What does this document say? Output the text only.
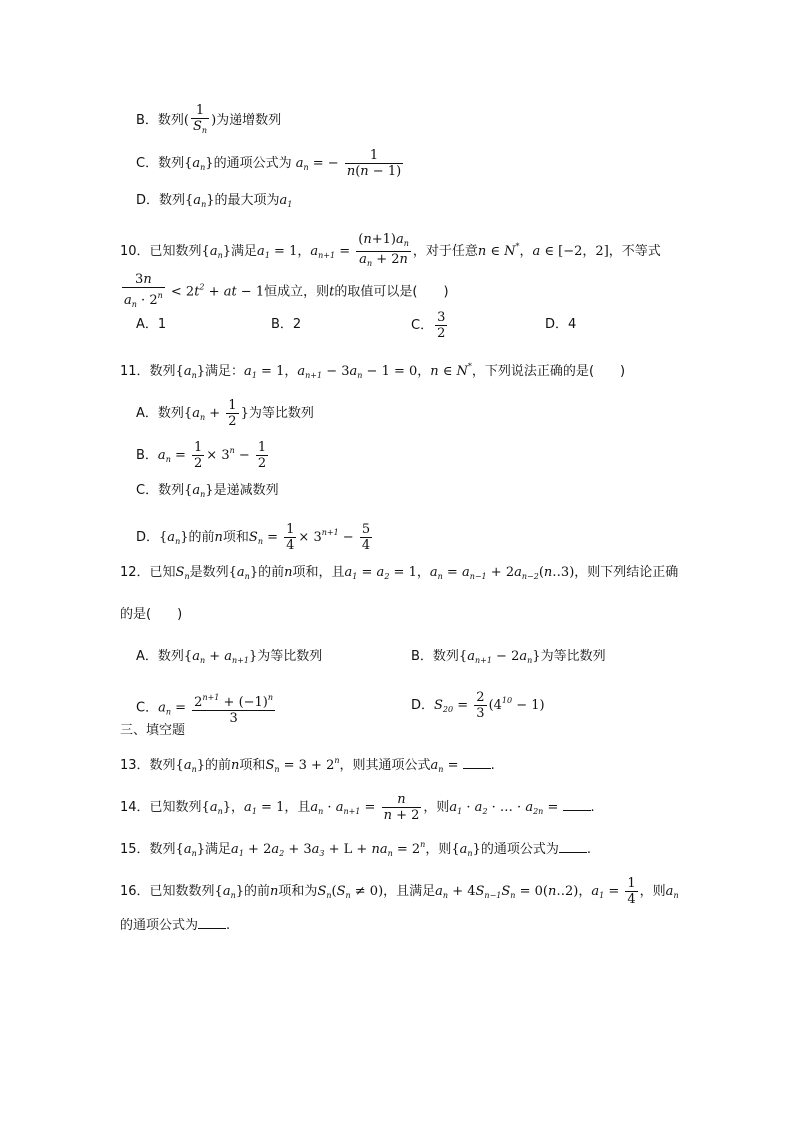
B．数列( $\frac{1}{S_n}$ )为递增数列
C．数列$\{a_n\}$的通项公式为 $a_n$ = − $\frac{1}{n(n - 1)}$
D．数列$\{a_n\}$的最大项为$a_1$
10．已知数列$\{a_n\}$满足$a_1 = 1$，$a_{n+1} = \frac{(n+1)a_n}{a_n + 2n}$ ，对于任意n ∈ N*，a ∈ [−2，2]，不等式
$\frac{3n}{a_n \cdot 2^n} < 2t^2$ + at − 1恒成立，则t的取值可以是(　　)
A．1	B．2	C． $\frac{3}{2}$	D．4
11．数列$\{a_n\}$满足：$a_1 = 1$，$a_{n+1} - 3a_n - 1 = 0$，n ∈ N*，下列说法正确的是(　　)
A．数列{$a_n + \frac{1}{2}$ }为等比数列
B．$a_n = \frac{1}{2} \times 3^n - \frac{1}{2}$
C．数列$\{a_n\}$是递减数列
D．$\{a_n\}$的前n项和$S_n = \frac{1}{4} \times 3^{n+1} - \frac{5}{4}$
12．已知$S_n$是数列$\{a_n\}$的前n项和，且$a_1 = a_2 = 1$，$a_n = a_{n-1}$ + $2a_{n-2}(n‥3)$，则下列结论正确
的是(　　)
A．数列$\{a_n + a_{n+1}\}$为等比数列	B．数列$\{a_{n+1} - 2a_n\}$为等比数列
C．$a_n = \frac{2^{n+1} + (-1)^n}{3}$	D．$S_{20} = \frac{2}{3} (4^{10} - 1)$
三、填空题
13．数列$\{a_n\}$的前n项和$S_n = 3 + 2^n$，则其通项公式$a_n$ = .
14．已知数列$\{a_n\}$，$a_1 = 1$，且$a_n \cdot a_{n+1} = \frac{n}{n + 2}$ ，则$a_1 \cdot a_2$ · … · $a_{2n}$ = .
15．数列$\{a_n\}$满足$a_1 + 2a_2 + 3a_3 + L + na_n = 2^n$，则$\{a_n\}$的通项公式为 .
16．已知数数列$\{a_n\}$的前n项和为$S_n(S_n \ne 0)$，且满足$a_n + 4S_{n-1}S_n$ = 0(n‥2)，$a_1 = \frac{1}{4}$ ，则$a_n$
的通项公式为 .
